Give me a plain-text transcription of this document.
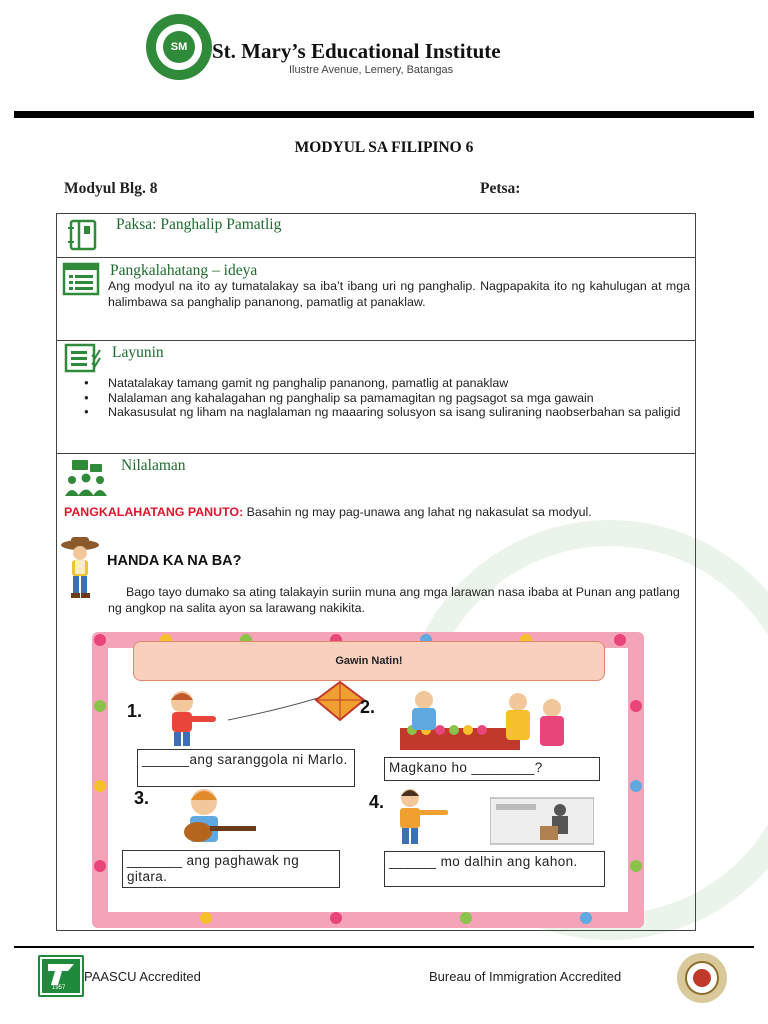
SM	St. Mary’s Educational Institute
Ilustre Avenue, Lemery, Batangas
MODYUL SA FILIPINO 6
Modyul Blg. 8	Petsa:
Paksa: Panghalip Pamatlig
Pangkalahatang – ideya
Ang modyul na ito ay tumatalakay sa iba’t ibang uri ng panghalip. Nagpapakita ito ng kahulugan at mga halimbawa sa panghalip pananong, pamatlig at panaklaw.
Layunin
● Natatalakay tamang gamit ng panghalip pananong, pamatlig at panaklaw
● Nalalaman ang kahalagahan ng panghalip sa pamamagitan ng pagsagot sa mga gawain
● Nakasusulat ng liham na naglalaman ng maaaring solusyon sa isang suliraning naobserbahan sa paligid
Nilalaman
PANGKALAHATANG PANUTO: Basahin ng may pag-unawa ang lahat ng nakasulat sa modyul.
HANDA KA NA BA?
Bago tayo dumako sa ating talakayin suriin muna ang mga larawan nasa ibaba at Punan ang patlang ng angkop na salita ayon sa larawang nakikita.
Gawin Natin!
1.
______ang saranggola ni Marlo.
2.
Magkano ho ________?
3.
_______ ang paghawak ng gitara.
4.
______ mo dalhin ang kahon.
1957
PAASCU Accredited	Bureau of Immigration Accredited
